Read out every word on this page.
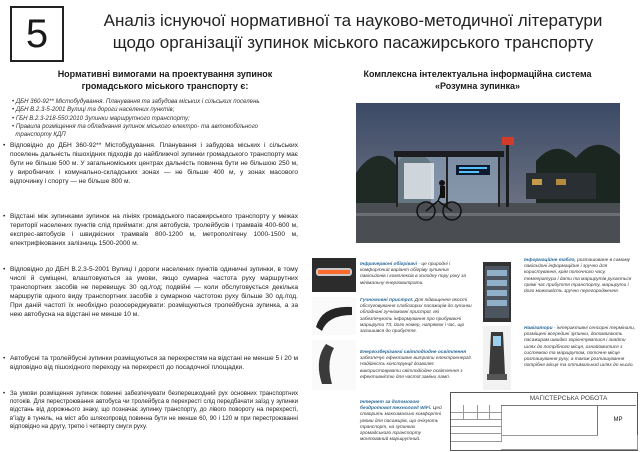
5	Аналіз існуючої нормативної та науково-методичної літератури
щодо організації зупинок міського пасажирського транспорту
Нормативні вимогами на проектування зупинок
громадського міського транспорту є:
Комплексна інтелектуальна інформаційна система
«Розумна зупинка»
• ДБН 360-92** Містобудування. Планування та забудова міських і сільських поселень
• ДБН В.2.3-5-2001 Вулиці та дороги населених пунктів;
• ГБН В.2.3-218-550:2010 Зупинки маршрутного транспорту;
• Правила розміщення та обладнання зупинок міського електро- та автомобільного
транспорту КДП
• Відповідно до ДБН 360-92** Містобудування. Планування і забудова міських і сільських поселень дальність пішохідних підходів до найближчої зупинки громадського транспорту має бути не більше 500 м. У загальноміських центрах дальність повинна бути не більшою 250 м, у виробничих і комунально-складських зонах — не більше 400 м, у зонах масового відпочинку і спорту — не більше 800 м.
• Відстані між зупинками зупинок на лініях громадського пасажирського транспорту у межах території населених пунктів слід приймати: для автобусів, тролейбусів і трамваїв 400-600 м, експрес-автобусів і швидкісних трамваїв 800-1200 м, метрополітену 1000-1500 м, електрифікованих залізниць 1500-2000 м.
• Відповідно до ДБН В.2.3-5-2001 Вулиці і дороги населених пунктів одиничні зупинки, в тому числі й суміщені, влаштовуються за умови, якщо сумарна частота руху маршрутних транспортних засобів не перевищує 30 од./год; подвійні — коли обслуговується декілька маршрутів одного виду транспортних засобів з сумарною частотою руху більше 30 од./год. При даній частоті їх необхідно розосереджувати: розміщуються тролейбусна зупинка, а за нею автобусна на відстані не менше 10 м.
• Автобусні та тролейбусні зупинки розміщуються за перехрестям на відстані не менше 5 і 20 м відповідно від пішохідного переходу на перехресті до посадочної площадки.
• За умови розміщення зупинок повинні забезпечувати безперешкодний рух основних транспортних потоків. Для перестроювання автобуса чи тролейбуса в перехресті слід передбачати заїзд у зупинки відстань від дорожнього знаку, що позначає зупинку транспорту, до лівого повороту на перехресті, в'їзду в тунель, на міст або шляхопровід повинна бути не менше 60, 90 і 120 м при перестроюванні відповідно на другу, третю і четверту смуги руху.
Інфрачервоні обігрівачі - це природні і комфортний варіант обігріву зупинних павільйонів і комплексів в холодну пору року за мінімальну енерговитрати.
Гучномовні пристрої. Для підвищення якості обслуговування слабозорих пасажирів до зупинки обладнані гучномовні пристрої, які забезпечують інформування про прибуваючі маршрути ТЗ, його номер, напрямок і час, що залишився до прибуття.
Енергозберігаючі світлодіодне освітлення забезпечує ефективне витрати електроенергії. Надійність конструкції дозволяє використовувати світлодіодне освітлення з ефективністю для частої заміни ламп.
Інтернет за допомогою бездротової технології WiFi. Цей створить максимально комфортні умови для пасажирів, що очікують транспорт, на зупинках громадського транспорту монтований маршрутний.
Інформаційне табло, розташоване в самому павільйоні інформаційне і зручно для користування, крім поточного часу, температури і дати та маршрутів рухається прямі час прибуття транспорту, маршрути і його можливість зручно перегородження.
Навігатори - інтерактивні сенсорні термінали, розміщені всередині зупинки, допомагають пасажирам швидко зорієнтуватися і знайти шлях до потрібного місця, ознайомитися з системою та маршрутом, поточне місце розташування руху, а також розташування потрібне місця та оптимальний шлях до нього.
МАГІСТЕРСЬКА РОБОТА
МР
